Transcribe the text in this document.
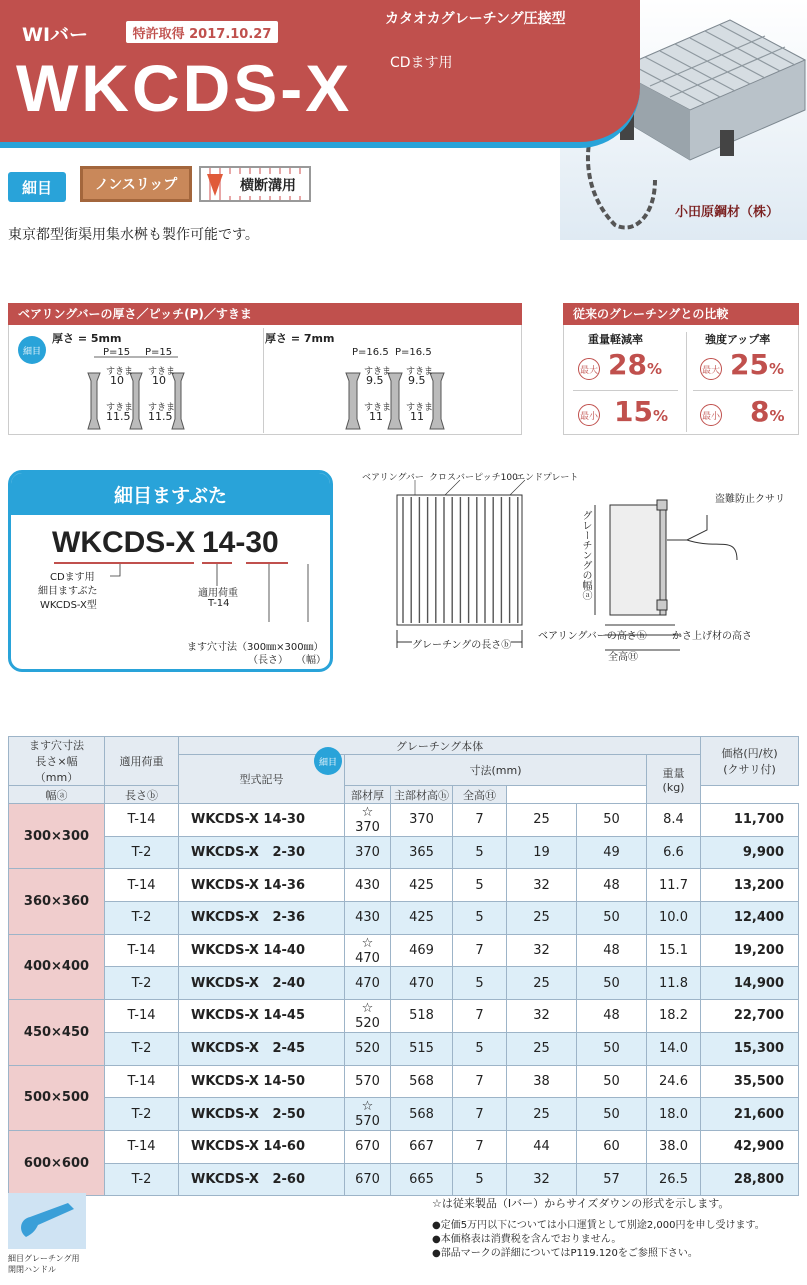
小田原鋼材（株）
WIバー	特許取得 2017.10.27
カタオカグレーチング圧接型
WKCDS-X	CDます用
細目	ノンスリップ	横断溝用
東京都型街渠用集水桝も製作可能です。
ベアリングバーの厚さ／ピッチ(P)／すきま
細目
厚さ = 5mm	厚さ = 7mm
P=15 P=15
すきま すきま
10	10
すきま すきま
11.5 11.5
P=16.5 P=16.5
すきま すきま
9.5 9.5
すきま すきま
11 11
従来のグレーチングとの比較
重量軽減率	強度アップ率
最大 28%
最小 15%
最大 25%
最小 8%
細目ますぶた
WKCDS-X 14-30
CDます用
細目ますぶた
WKCDS-X型
適用荷重
T-14
ます穴寸法（300㎜×300㎜）
（長さ） （幅）
ベアリングバー クロスバーピッチ100
エンドプレート
グレーチングの長さⓑ
グレーチングの幅ⓐ
盗難防止クサリ
ベアリングバーの高さⓗ	かさ上げ材の高さ
全高Ⓗ
ます穴寸法
長さ×幅
（mm）	適用荷重	グレーチング本体							価格(円/枚)
(クサリ付)
		型式記号
細目	寸法(mm)					重量
(kg)	
幅ⓐ	長さⓑ		部材厚	主部材高ⓗ	全高Ⓗ				
300×300	T-14	WKCDS-X 14-30	☆ 370	370	7	25	50	8.4	11,700
	T-2	WKCDS-X   2-30	370	365	5	19	49	6.6	9,900
360×360	T-14	WKCDS-X 14-36	430	425	5	32	48	11.7	13,200
	T-2	WKCDS-X   2-36	430	425	5	25	50	10.0	12,400
400×400	T-14	WKCDS-X 14-40	☆ 470	469	7	32	48	15.1	19,200
	T-2	WKCDS-X   2-40	470	470	5	25	50	11.8	14,900
450×450	T-14	WKCDS-X 14-45	☆ 520	518	7	32	48	18.2	22,700
	T-2	WKCDS-X   2-45	520	515	5	25	50	14.0	15,300
500×500	T-14	WKCDS-X 14-50	570	568	7	38	50	24.6	35,500
	T-2	WKCDS-X   2-50	☆ 570	568	7	25	50	18.0	21,600
600×600	T-14	WKCDS-X 14-60	670	667	7	44	60	38.0	42,900
	T-2	WKCDS-X   2-60	670	665	5	32	57	26.5	28,800
細目グレーチング用
開閉ハンドル
☆は従来製品（Iバー）からサイズダウンの形式を示します。
●定価5万円以下については小口運賃として別途2,000円を申し受けます。
●本価格表は消費税を含んでおりません。
●部品マークの詳細についてはP119.120をご参照下さい。
